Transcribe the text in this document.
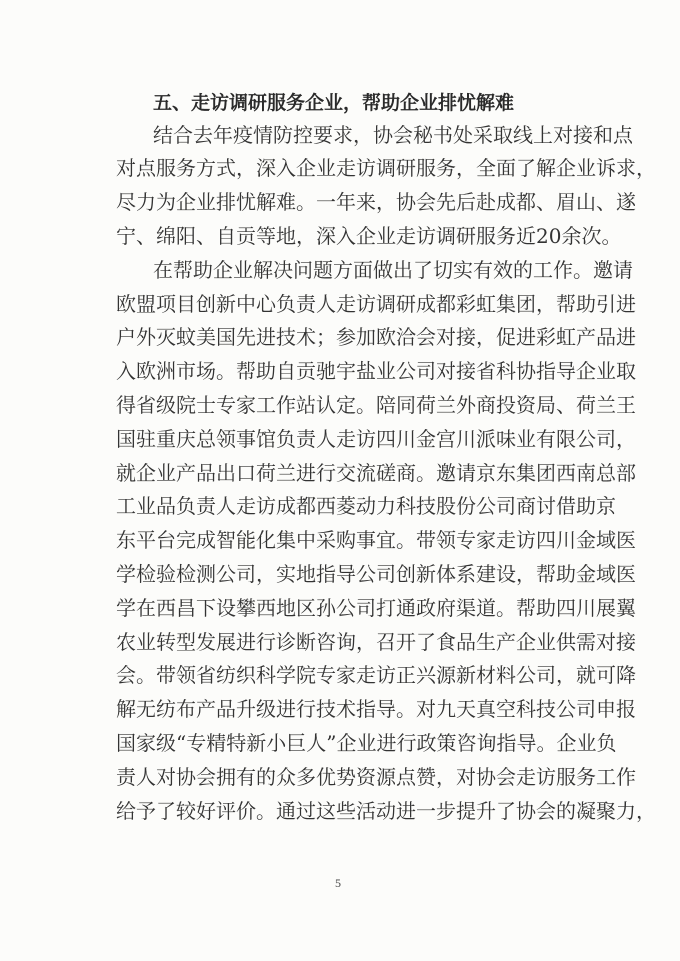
五、走访调研服务企业，帮助企业排忧解难

结合去年疫情防控要求，协会秘书处采取线上对接和点

对点服务方式，深入企业走访调研服务，全面了解企业诉求，

尽力为企业排忧解难。一年来，协会先后赴成都、眉山、遂

宁、绵阳、自贡等地，深入企业走访调研服务近20余次。

在帮助企业解决问题方面做出了切实有效的工作。邀请

欧盟项目创新中心负责人走访调研成都彩虹集团，帮助引进

户外灭蚊美国先进技术；参加欧洽会对接，促进彩虹产品进

入欧洲市场。帮助自贡驰宇盐业公司对接省科协指导企业取

得省级院士专家工作站认定。陪同荷兰外商投资局、荷兰王

国驻重庆总领事馆负责人走访四川金宫川派味业有限公司，

就企业产品出口荷兰进行交流磋商。邀请京东集团西南总部

工业品负责人走访成都西菱动力科技股份公司商讨借助京

东平台完成智能化集中采购事宜。带领专家走访四川金域医

学检验检测公司，实地指导公司创新体系建设，帮助金域医

学在西昌下设攀西地区孙公司打通政府渠道。帮助四川展翼

农业转型发展进行诊断咨询，召开了食品生产企业供需对接

会。带领省纺织科学院专家走访正兴源新材料公司，就可降

解无纺布产品升级进行技术指导。对九天真空科技公司申报

国家级“专精特新小巨人”企业进行政策咨询指导。企业负

责人对协会拥有的众多优势资源点赞，对协会走访服务工作

给予了较好评价。通过这些活动进一步提升了协会的凝聚力，

5
